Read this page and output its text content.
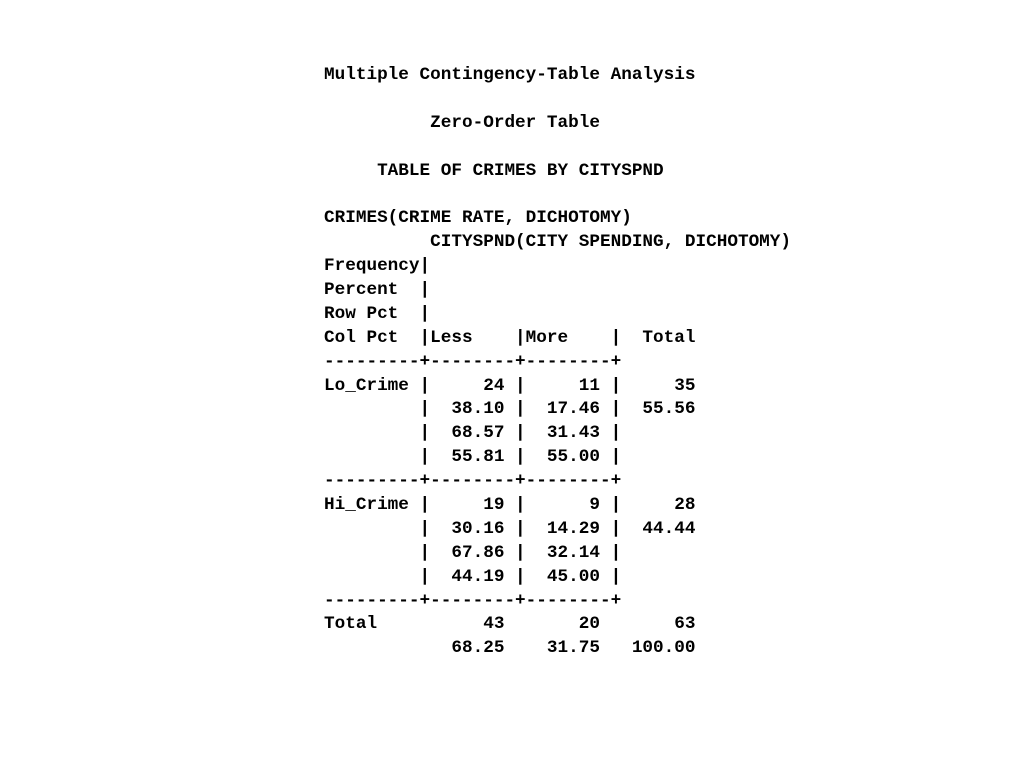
Multiple Contingency-Table Analysis
Zero-Order Table
TABLE OF CRIMES BY CITYSPND
CRIMES(CRIME RATE, DICHOTOMY)
CITYSPND(CITY SPENDING, DICHOTOMY)
Frequency|
Percent  |
Row Pct  |
Col Pct  |Less    |More    |  Total
---------+--------+--------+
Lo_Crime |     24 |     11 |     35
|  38.10 |  17.46 |  55.56
|  68.57 |  31.43 |
|  55.81 |  55.00 |
---------+--------+--------+
Hi_Crime |     19 |      9 |     28
|  30.16 |  14.29 |  44.44
|  67.86 |  32.14 |
|  44.19 |  45.00 |
---------+--------+--------+
Total          43       20       63
68.25    31.75   100.00
